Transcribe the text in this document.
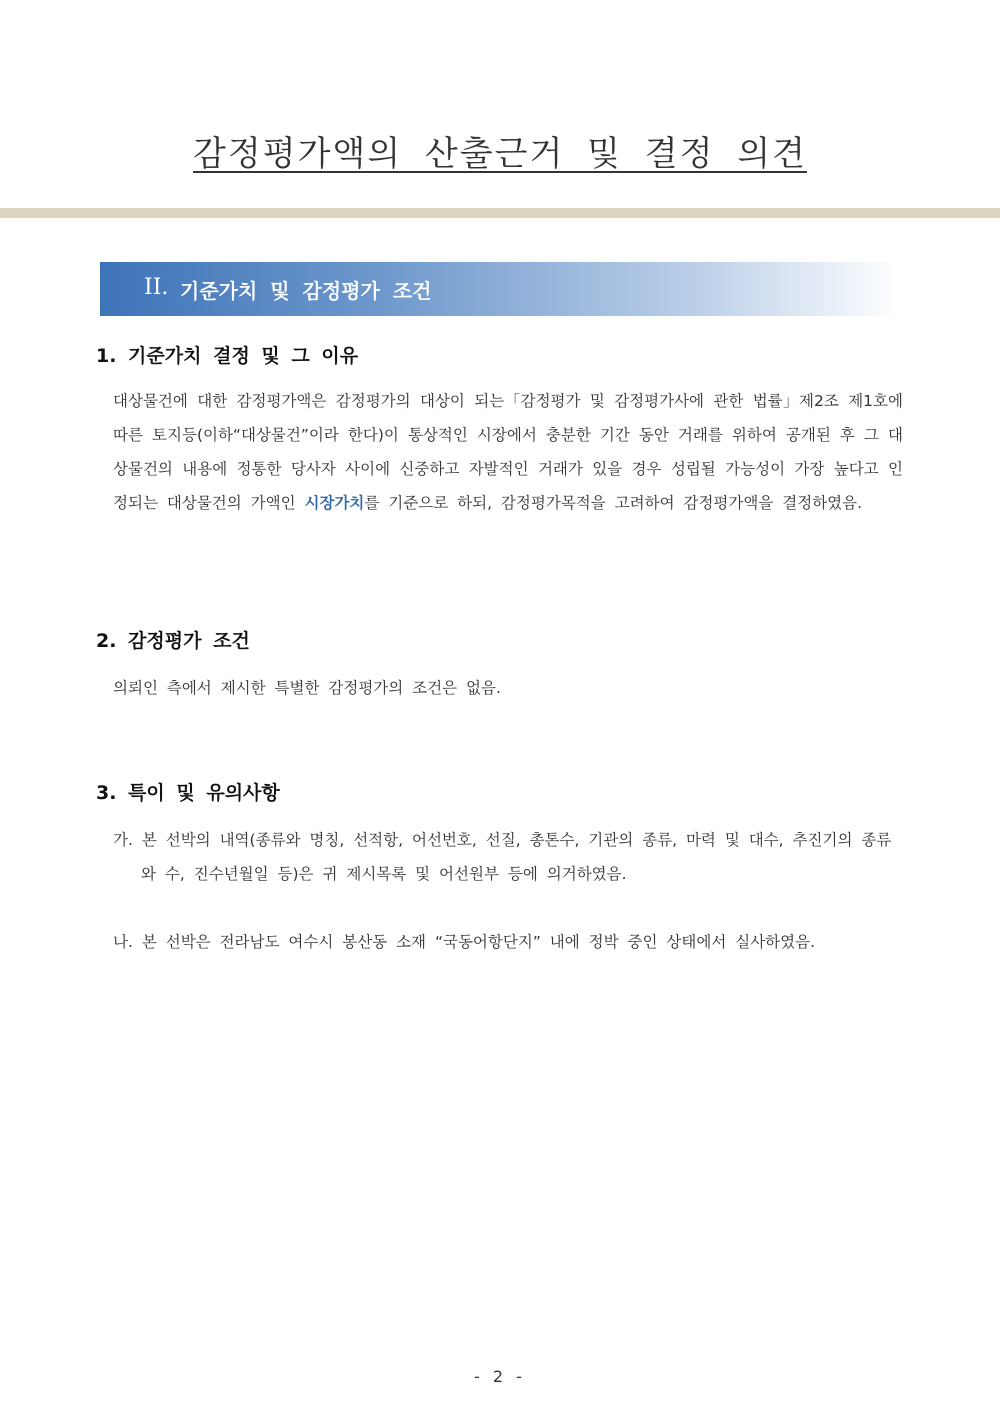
감정평가액의 산출근거 및 결정 의견
II. 기준가치 및 감정평가 조건
1. 기준가치 결정 및 그 이유

대상물건에 대한 감정평가액은 감정평가의 대상이 되는「감정평가 및 감정평가사에 관한 법률」제2조 제1호에 따른 토지등(이하“대상물건”이라 한다)이 통상적인 시장에서 충분한 기간 동안 거래를 위하여 공개된 후 그 대상물건의 내용에 정통한 당사자 사이에 신중하고 자발적인 거래가 있을 경우 성립될 가능성이 가장 높다고 인정되는 대상물건의 가액인 시장가치를 기준으로 하되, 감정평가목적을 고려하여 감정평가액을 결정하였음.

2. 감정평가 조건

의뢰인 측에서 제시한 특별한 감정평가의 조건은 없음.

3. 특이 및 유의사항

가. 본 선박의 내역(종류와 명칭, 선적항, 어선번호, 선질, 총톤수, 기관의 종류, 마력 및 대수, 추진기의 종류와 수, 진수년월일 등)은 귀 제시목록 및 어선원부 등에 의거하였음.

나. 본 선박은 전라남도 여수시 봉산동 소재 “국동어항단지” 내에 정박 중인 상태에서 실사하였음.

- 2 -
